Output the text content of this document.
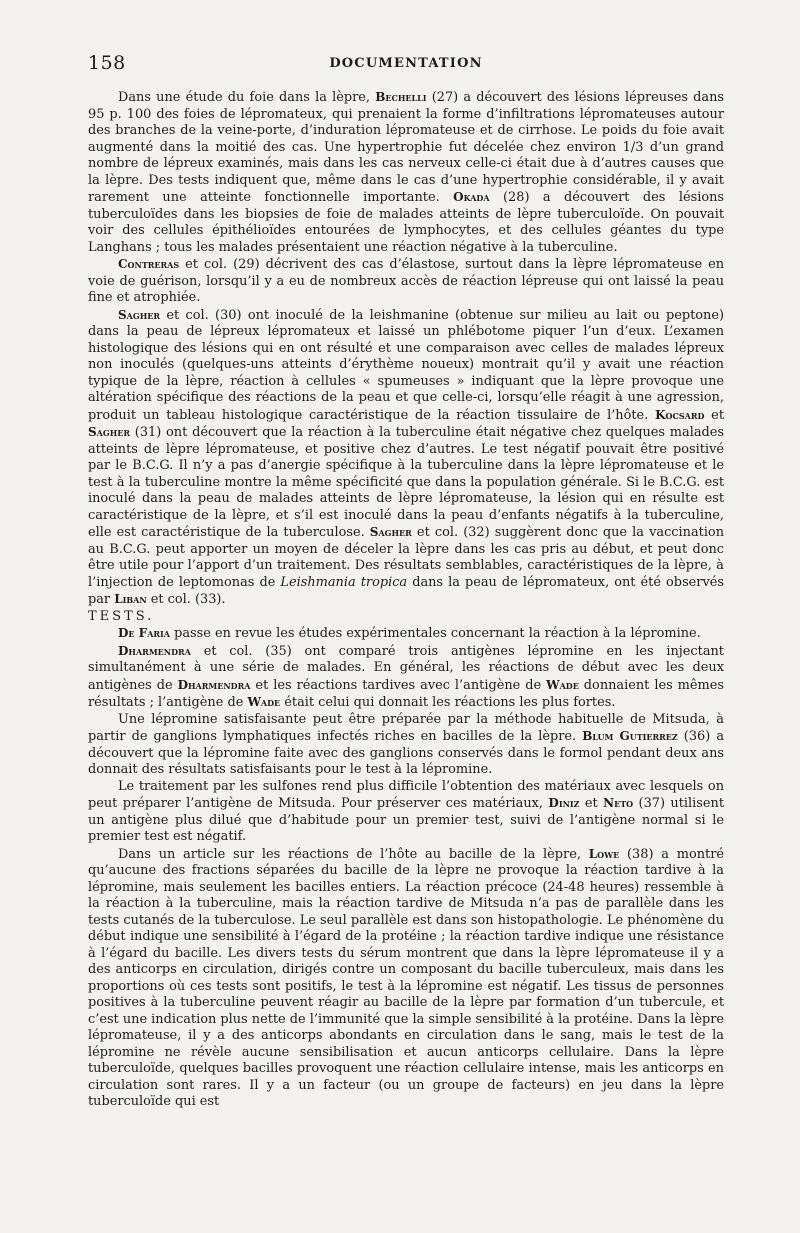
158	DOCUMENTATION

Dans une étude du foie dans la lèpre, Bechelli (27) a découvert des lésions lépreuses dans 95 p. 100 des foies de lépromateux, qui prenaient la forme d’infiltrations lépromateuses autour des branches de la veine-porte, d’induration lépromateuse et de cirrhose. Le poids du foie avait augmenté dans la moitié des cas. Une hypertrophie fut décelée chez environ 1/3 d’un grand nombre de lépreux examinés, mais dans les cas nerveux celle-ci était due à d’autres causes que la lèpre. Des tests indiquent que, même dans le cas d’une hypertrophie considérable, il y avait rarement une atteinte fonctionnelle importante. Okada (28) a découvert des lésions tuberculoïdes dans les biopsies de foie de malades atteints de lèpre tuberculoïde. On pouvait voir des cellules épithélioïdes entourées de lymphocytes, et des cellules géantes du type Langhans ; tous les malades présentaient une réaction négative à la tuberculine.

Contreras et col. (29) décrivent des cas d’élastose, surtout dans la lèpre lépromateuse en voie de guérison, lorsqu’il y a eu de nombreux accès de réaction lépreuse qui ont laissé la peau fine et atrophiée.

Sagher et col. (30) ont inoculé de la leishmanine (obtenue sur milieu au lait ou peptone) dans la peau de lépreux lépromateux et laissé un phlébotome piquer l’un d’eux. L’examen histologique des lésions qui en ont résulté et une comparaison avec celles de malades lépreux non inoculés (quelques-uns atteints d’érythème noueux) montrait qu’il y avait une réaction typique de la lèpre, réaction à cellules « spumeuses » indiquant que la lèpre provoque une altération spécifique des réactions de la peau et que celle-ci, lorsqu’elle réagit à une agression, produit un tableau histologique caractéristique de la réaction tissulaire de l’hôte. Kocsard et Sagher (31) ont découvert que la réaction à la tuberculine était négative chez quelques malades atteints de lèpre lépromateuse, et positive chez d’autres. Le test négatif pouvait être positivé par le B.C.G. Il n’y a pas d’anergie spécifique à la tuberculine dans la lèpre lépromateuse et le test à la tuberculine montre la même spécificité que dans la population générale. Si le B.C.G. est inoculé dans la peau de malades atteints de lèpre lépromateuse, la lésion qui en résulte est caractéristique de la lèpre, et s’il est inoculé dans la peau d’enfants négatifs à la tuberculine, elle est caractéristique de la tuberculose. Sagher et col. (32) suggèrent donc que la vaccination au B.C.G. peut apporter un moyen de déceler la lèpre dans les cas pris au début, et peut donc être utile pour l’apport d’un traitement. Des résultats semblables, caractéristiques de la lèpre, à l’injection de leptomonas de Leishmania tropica dans la peau de lépromateux, ont été observés par Liban et col. (33).

TESTS.

De Faria passe en revue les études expérimentales concernant la réaction à la lépromine.

Dharmendra et col. (35) ont comparé trois antigènes lépromine en les injectant simultanément à une série de malades. En général, les réactions de début avec les deux antigènes de Dharmendra et les réactions tardives avec l’antigène de Wade donnaient les mêmes résultats ; l’antigène de Wade était celui qui donnait les réactions les plus fortes.

Une lépromine satisfaisante peut être préparée par la méthode habituelle de Mitsuda, à partir de ganglions lymphatiques infectés riches en bacilles de la lèpre. Blum Gutierrez (36) a découvert que la lépromine faite avec des ganglions conservés dans le formol pendant deux ans donnait des résultats satisfaisants pour le test à la lépromine.

Le traitement par les sulfones rend plus difficile l’obtention des matériaux avec lesquels on peut préparer l’antigène de Mitsuda. Pour préserver ces matériaux, Diniz et Neto (37) utilisent un antigène plus dilué que d’habitude pour un premier test, suivi de l’antigène normal si le premier test est négatif.

Dans un article sur les réactions de l’hôte au bacille de la lèpre, Lowe (38) a montré qu’aucune des fractions séparées du bacille de la lèpre ne provoque la réaction tardive à la lépromine, mais seulement les bacilles entiers. La réaction précoce (24-48 heures) ressemble à la réaction à la tuberculine, mais la réaction tardive de Mitsuda n’a pas de parallèle dans les tests cutanés de la tuberculose. Le seul parallèle est dans son histopathologie. Le phénomène du début indique une sensibilité à l’égard de la protéine ; la réaction tardive indique une résistance à l’égard du bacille. Les divers tests du sérum montrent que dans la lèpre lépromateuse il y a des anticorps en circulation, dirigés contre un composant du bacille tuberculeux, mais dans les proportions où ces tests sont positifs, le test à la lépromine est négatif. Les tissus de personnes positives à la tuberculine peuvent réagir au bacille de la lèpre par formation d’un tubercule, et c’est une indication plus nette de l’immunité que la simple sensibilité à la protéine. Dans la lèpre lépromateuse, il y a des anticorps abondants en circulation dans le sang, mais le test de la lépromine ne révèle aucune sensibilisation et aucun anticorps cellulaire. Dans la lèpre tuberculoïde, quelques bacilles provoquent une réaction cellulaire intense, mais les anticorps en circulation sont rares. Il y a un facteur (ou un groupe de facteurs) en jeu dans la lèpre tuberculoïde qui est
